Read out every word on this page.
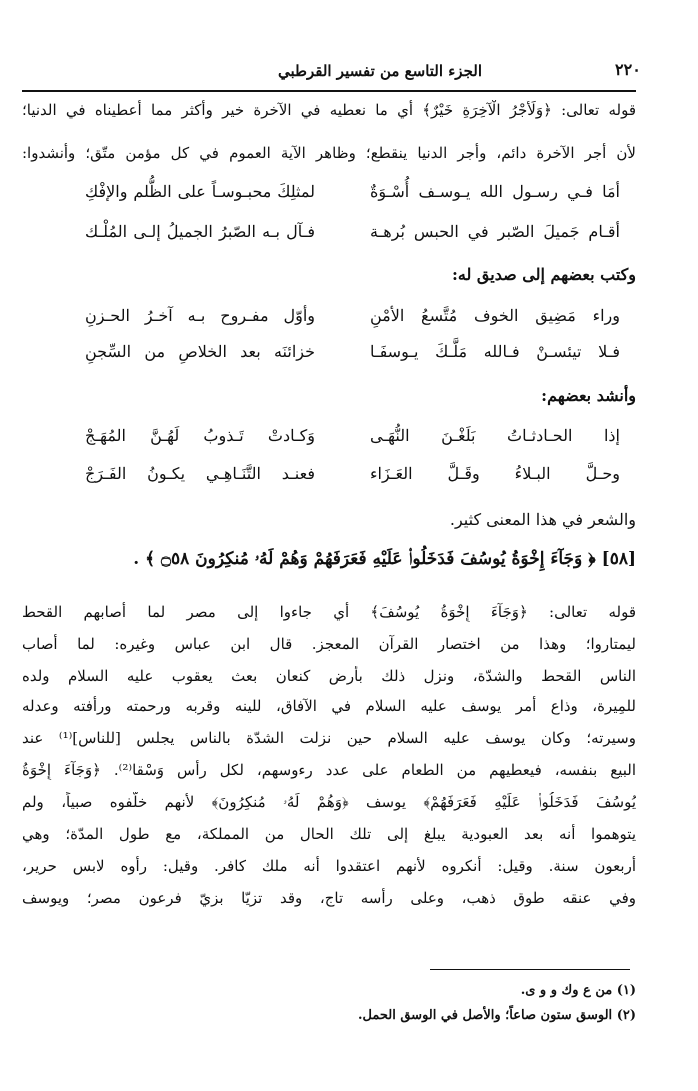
٢٢٠
الجزء التاسع من تفسير القرطبي
قوله تعالى: ﴿وَلَأَجْرُ الْآخِرَةِ خَيْرٌ﴾ أي ما نعطيه في الآخرة خير وأكثر مما أعطيناه في الدنيا؛
لأن أجر الآخرة دائم، وأجر الدنيا ينقطع؛ وظاهر الآية العموم في كل مؤمن متّق؛ وأنشدوا:
أمَا فـي رسـول الله يـوسـف أُسْـوَةٌ
لمثلِكَ محبـوسـاً على الظُّلم والإفْكِ
أقـام جَميلَ الصّبر في الحبس بُرهـة
فـآل بـه الصّبرُ الجميلُ إلـى المُلْـك
وكتب بعضهم إلى صديق له:
وراء مَضِيق الخوف مُتَّسعُ الأمْنِ
وأوّل مفـروح بـه آخـرُ الحـزنِ
فـلا تيئسـنْ فـالله مَلَّـكَ يـوسفَـا
خزائنَه بعد الخلاصِ من السِّجنِ
وأنشد بعضهم:
إذا الحـادثـاتُ بَلَغْـنَ النُّهَـى
وَكـادتْ تَـذوبُ لَهُـنَّ المُهَـجْ
وحـلَّ البـلاءُ وقَـلَّ العَـزَاء
فعنـد التَّنَـاهِـي يكـونُ الفَـرَجْ
والشعر في هذا المعنى كثير.
[٥٨] ﴿ وَجَآءَ إِخْوَةُ يُوسُفَ فَدَخَلُوا۟ عَلَيْهِ فَعَرَفَهُمْ وَهُمْ لَهُۥ مُنكِرُونَ ۝٥٨ ﴾ .
قوله تعالى: ﴿وَجَآءَ إِخْوَةُ يُوسُفَ﴾ أي جاءوا إلى مصر لما أصابهم القحط
ليمتاروا؛ وهذا من اختصار القرآن المعجز. قال ابن عباس وغيره: لما أصاب
الناس القحط والشدّة، ونزل ذلك بأرض كنعان بعث يعقوب عليه السلام ولده
للمِيرة، وذاع أمر يوسف عليه السلام في الآفاق، للينه وقربه ورحمته ورأفته وعدله
وسيرته؛ وكان يوسف عليه السلام حين نزلت الشدّة بالناس يجلس [للناس]⁽¹⁾ عند
البيع بنفسه، فيعطيهم من الطعام على عدد رءوسهم، لكل رأس وَسْقا⁽²⁾. ﴿وَجَآءَ إِخْوَةُ
يُوسُفَ فَدَخَلُوا۟ عَلَيْهِ فَعَرَفَهُمْ﴾ يوسف ﴿وَهُمْ لَهُۥ مُنكِرُونَ﴾ لأنهم خلّفوه صبياً، ولم
يتوهموا أنه بعد العبودية يبلغ إلى تلك الحال من المملكة، مع طول المدّة؛ وهي
أربعون سنة. وقيل: أنكروه لأنهم اعتقدوا أنه ملك كافر. وقيل: رأوه لابس حرير،
وفي عنقه طوق ذهب، وعلى رأسه تاج، وقد تزيّا بزيّ فرعون مصر؛ ويوسف
(١) من ع وك و و ى.
(٢) الوسق ستون صاعاً؛ والأصل في الوسق الحمل.
